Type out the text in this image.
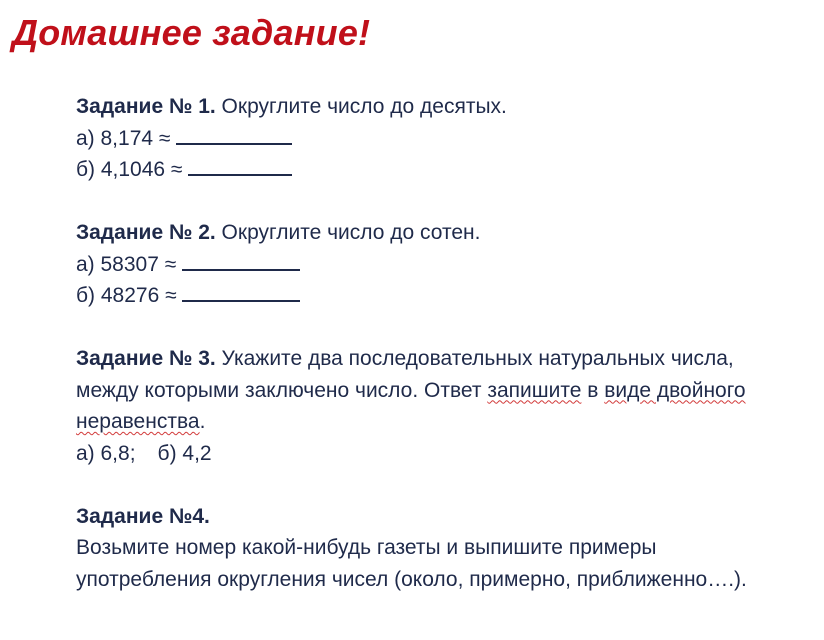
Домашнее задание!
Задание № 1. Округлите число до десятых.
а) 8,174 ≈
б) 4,1046 ≈
Задание № 2. Округлите число до сотен.
а) 58307 ≈
б) 48276 ≈
Задание № 3. Укажите два последовательных натуральных числа, между которыми заключено число. Ответ запишите в виде двойного неравенства.
а) 6,8; б) 4,2
Задание №4.
Возьмите номер какой-нибудь газеты и выпишите примеры употребления округления чисел (около, примерно, приближенно….).
